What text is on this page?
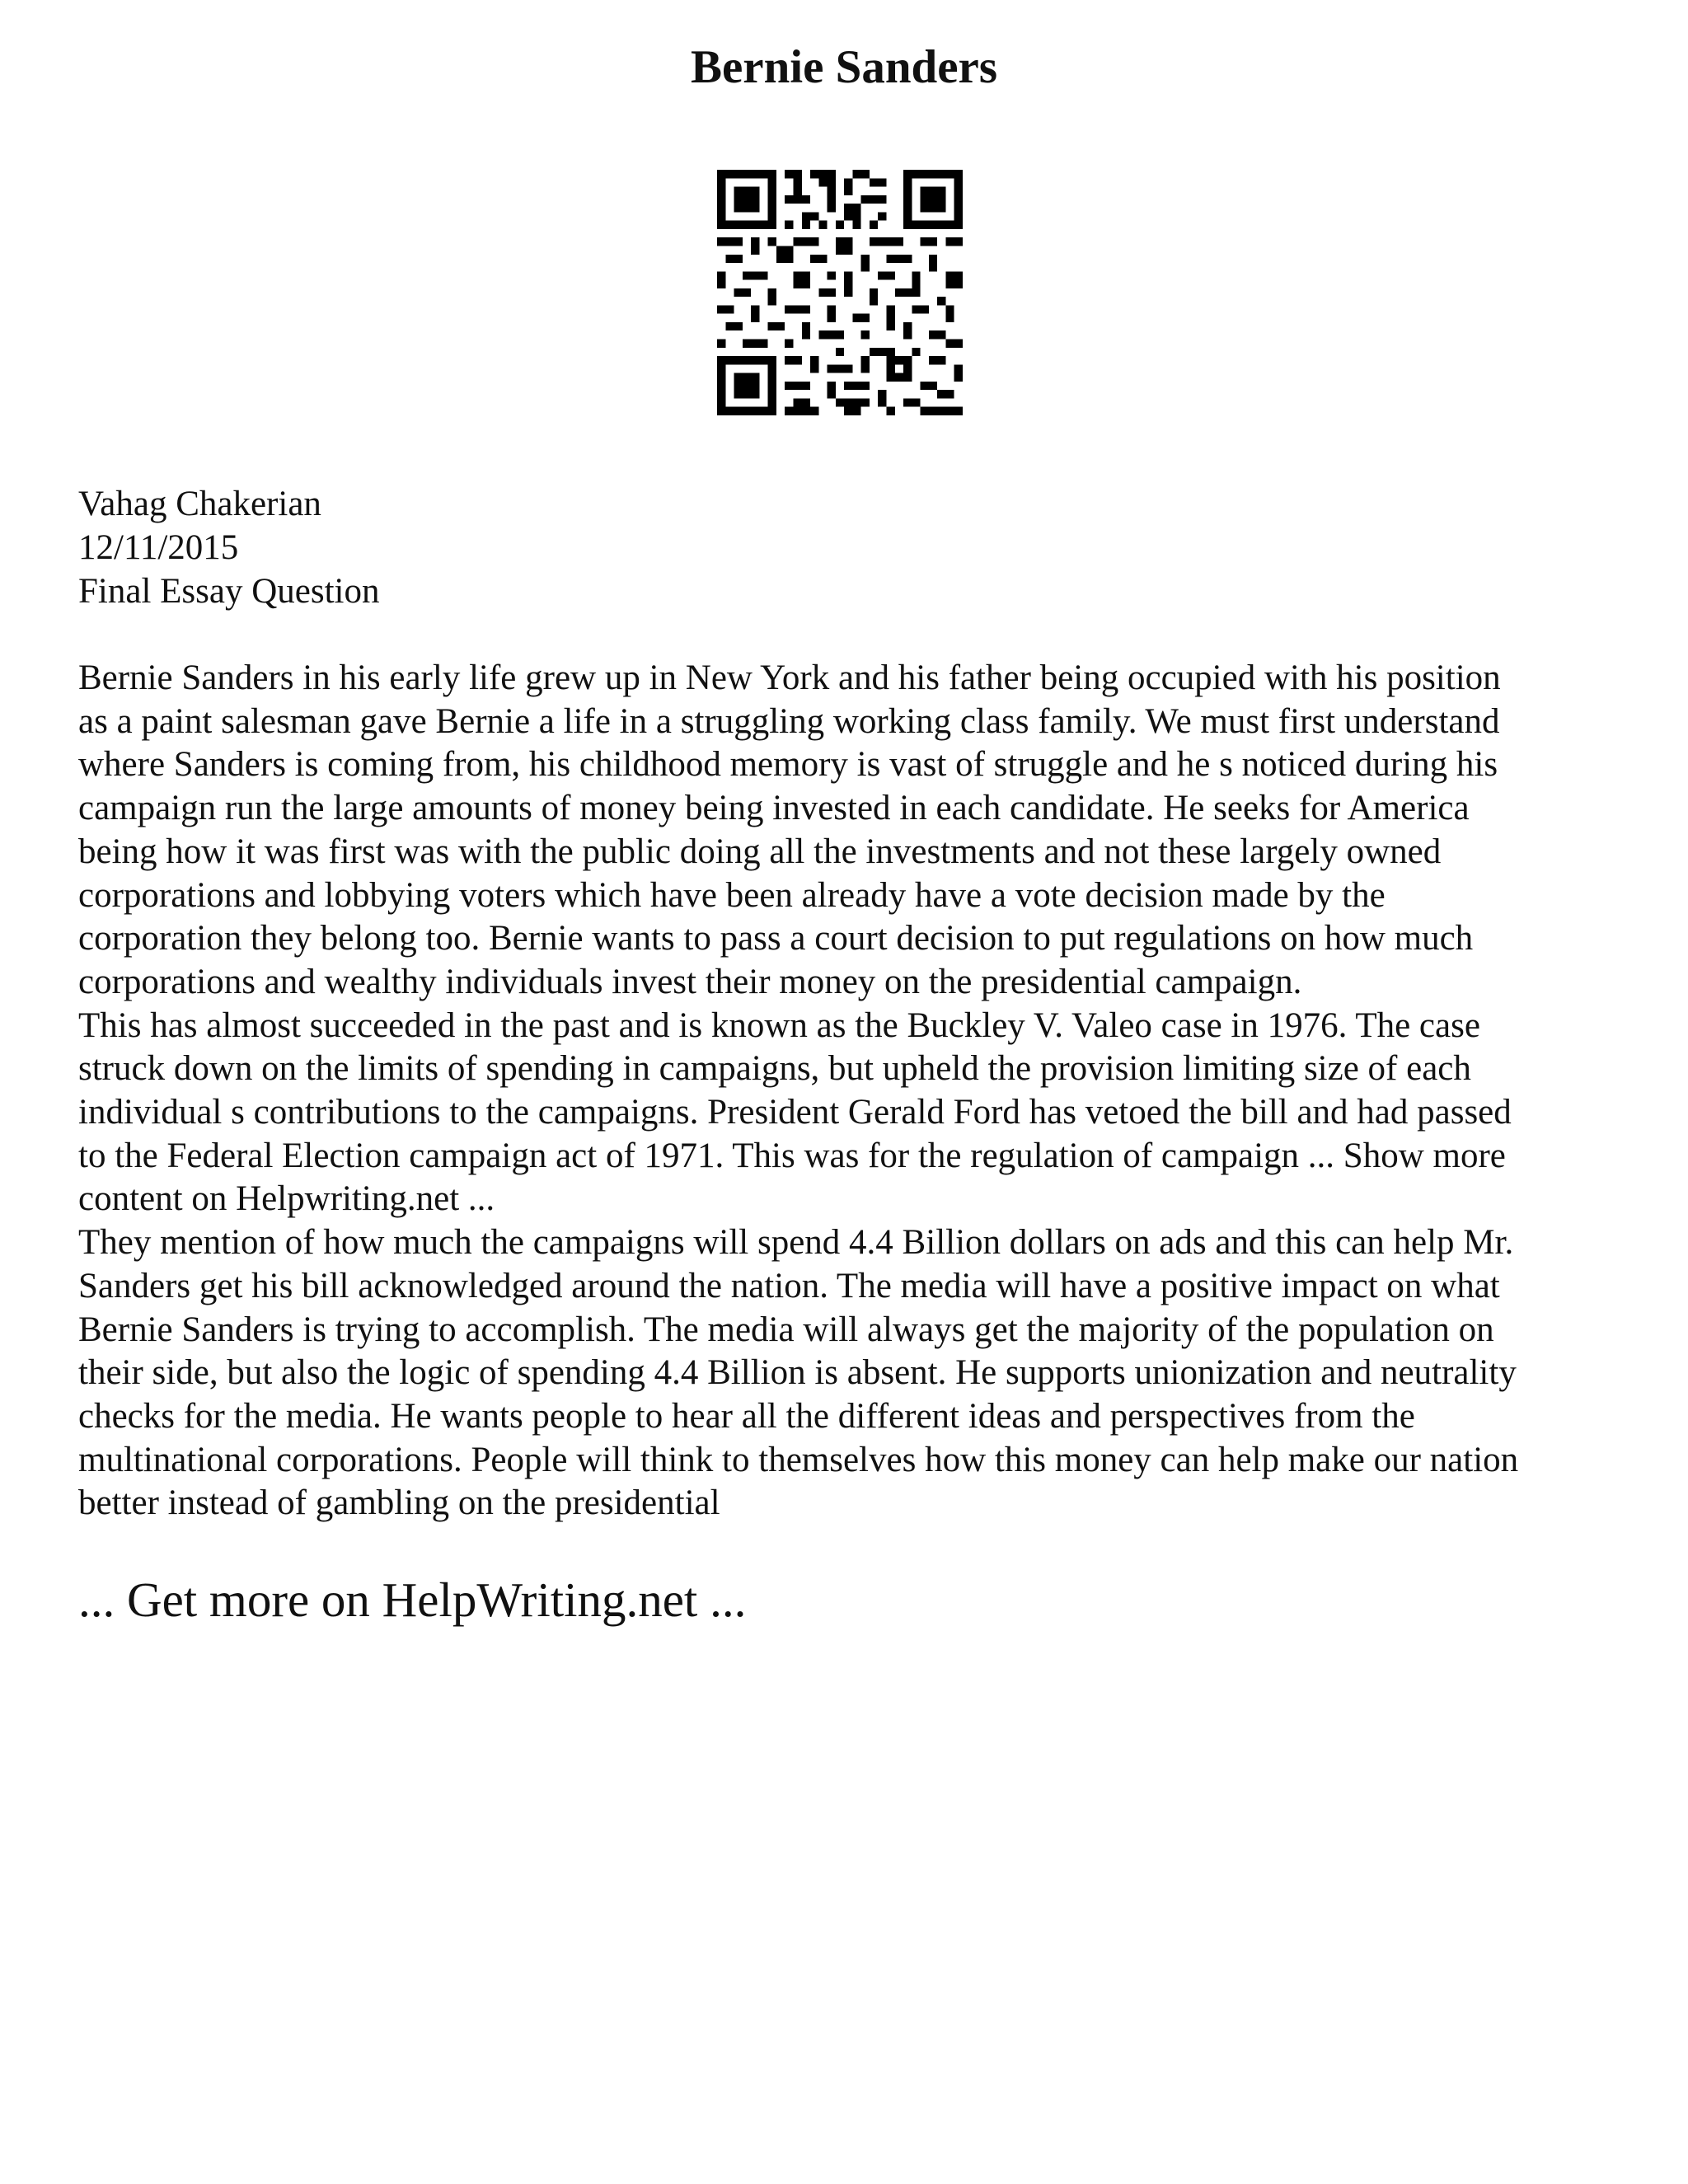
Bernie Sanders
Vahag Chakerian
12/11/2015
Final Essay Question
Bernie Sanders in his early life grew up in New York and his father being occupied with his position
as a paint salesman gave Bernie a life in a struggling working class family. We must first understand
where Sanders is coming from, his childhood memory is vast of struggle and he s noticed during his
campaign run the large amounts of money being invested in each candidate. He seeks for America
being how it was first was with the public doing all the investments and not these largely owned
corporations and lobbying voters which have been already have a vote decision made by the
corporation they belong too. Bernie wants to pass a court decision to put regulations on how much
corporations and wealthy individuals invest their money on the presidential campaign.
This has almost succeeded in the past and is known as the Buckley V. Valeo case in 1976. The case
struck down on the limits of spending in campaigns, but upheld the provision limiting size of each
individual s contributions to the campaigns. President Gerald Ford has vetoed the bill and had passed
to the Federal Election campaign act of 1971. This was for the regulation of campaign ... Show more
content on Helpwriting.net ...
They mention of how much the campaigns will spend 4.4 Billion dollars on ads and this can help Mr.
Sanders get his bill acknowledged around the nation. The media will have a positive impact on what
Bernie Sanders is trying to accomplish. The media will always get the majority of the population on
their side, but also the logic of spending 4.4 Billion is absent. He supports unionization and neutrality
checks for the media. He wants people to hear all the different ideas and perspectives from the
multinational corporations. People will think to themselves how this money can help make our nation
better instead of gambling on the presidential
... Get more on HelpWriting.net ...
